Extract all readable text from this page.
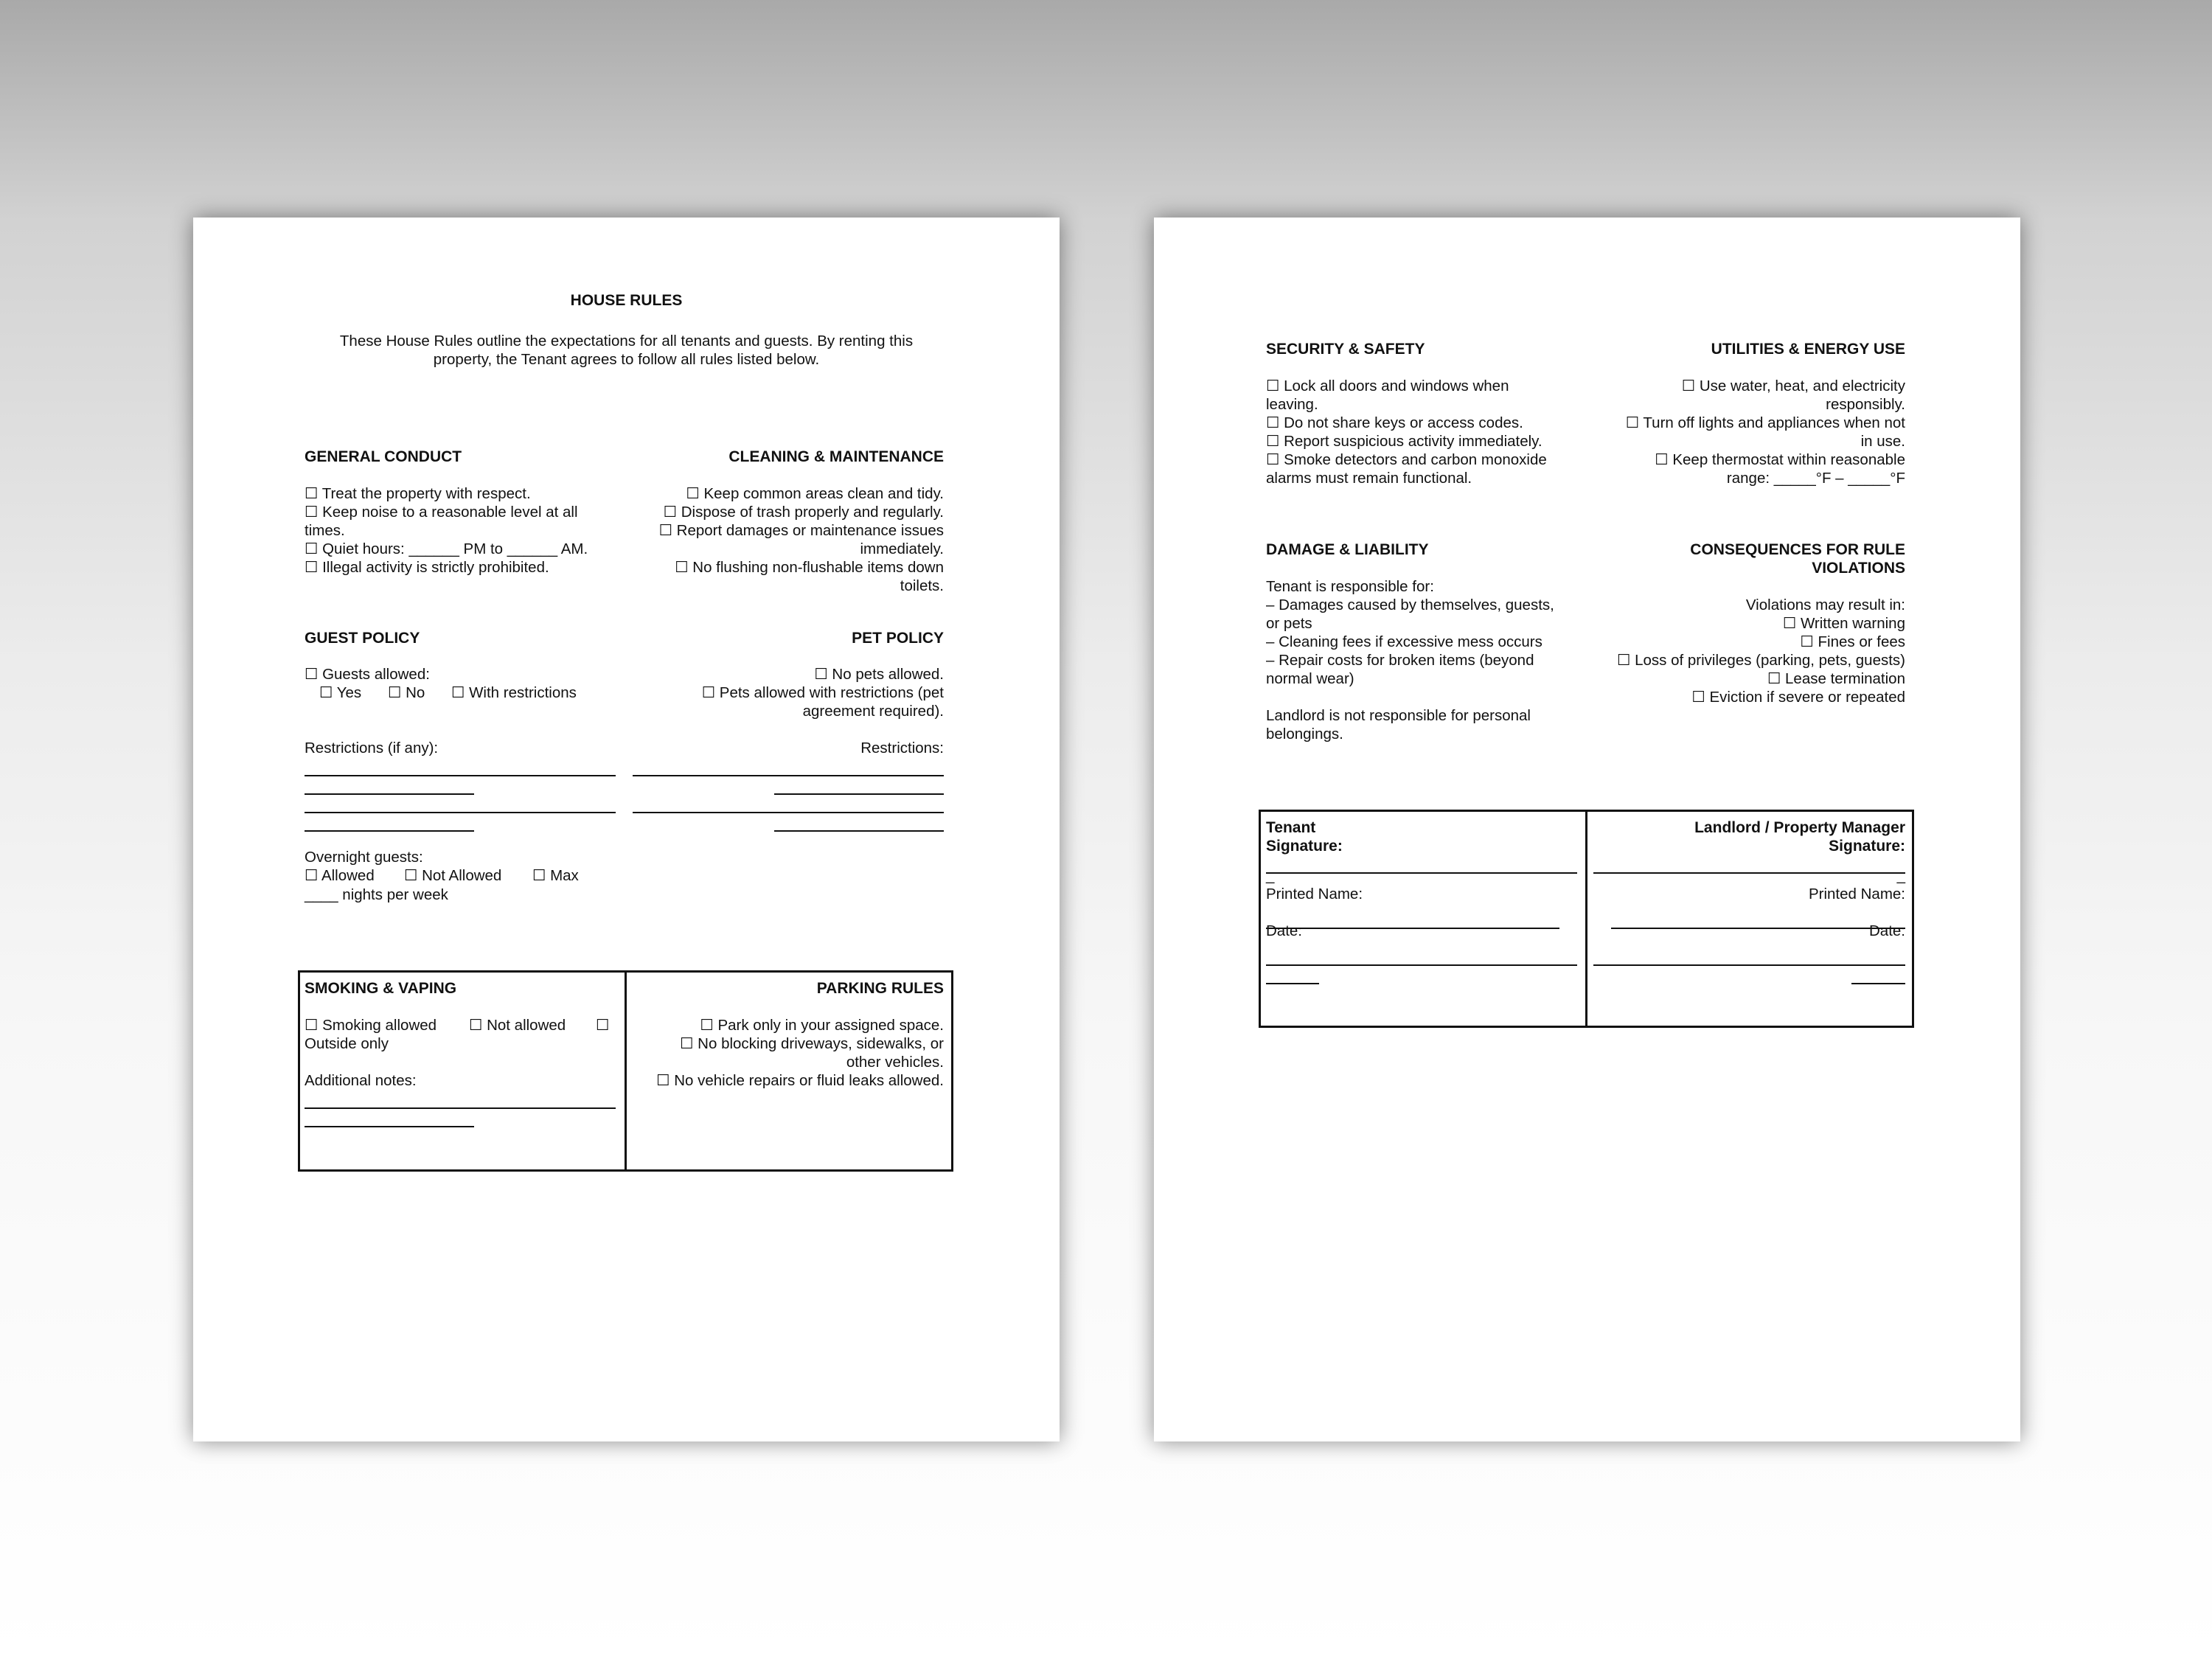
HOUSE RULES
These House Rules outline the expectations for all tenants and guests. By renting this
property, the Tenant agrees to follow all rules listed below.
GENERAL CONDUCT
☐ Treat the property with respect.
☐ Keep noise to a reasonable level at all
times.
☐ Quiet hours: ______ PM to ______ AM.
☐ Illegal activity is strictly prohibited.
CLEANING & MAINTENANCE
☐ Keep common areas clean and tidy.
☐ Dispose of trash properly and regularly.
☐ Report damages or maintenance issues
immediately.
☐ No flushing non-flushable items down
toilets.
GUEST POLICY
☐ Guests allowed:
☐ Yes ☐ No ☐ With restrictions
Restrictions (if any):
Overnight guests:
☐ Allowed ☐ Not Allowed ☐ Max
____ nights per week
PET POLICY
☐ No pets allowed.
☐ Pets allowed with restrictions (pet
agreement required).
Restrictions:
SMOKING & VAPING
☐ Smoking allowed ☐ Not allowed ☐
Outside only
Additional notes:
PARKING RULES
☐ Park only in your assigned space.
☐ No blocking driveways, sidewalks, or
other vehicles.
☐ No vehicle repairs or fluid leaks allowed.
SECURITY & SAFETY
☐ Lock all doors and windows when
leaving.
☐ Do not share keys or access codes.
☐ Report suspicious activity immediately.
☐ Smoke detectors and carbon monoxide
alarms must remain functional.
UTILITIES & ENERGY USE
☐ Use water, heat, and electricity
responsibly.
☐ Turn off lights and appliances when not
in use.
☐ Keep thermostat within reasonable
range: _____°F – _____°F
DAMAGE & LIABILITY
Tenant is responsible for:
– Damages caused by themselves, guests,
or pets
– Cleaning fees if excessive mess occurs
– Repair costs for broken items (beyond
normal wear)
Landlord is not responsible for personal
belongings.
CONSEQUENCES FOR RULE
VIOLATIONS
Violations may result in:
☐ Written warning
☐ Fines or fees
☐ Loss of privileges (parking, pets, guests)
☐ Lease termination
☐ Eviction if severe or repeated
Tenant
Signature:
_
Printed Name:
Date:
Landlord / Property Manager
Signature:
_
Printed Name:
Date:
